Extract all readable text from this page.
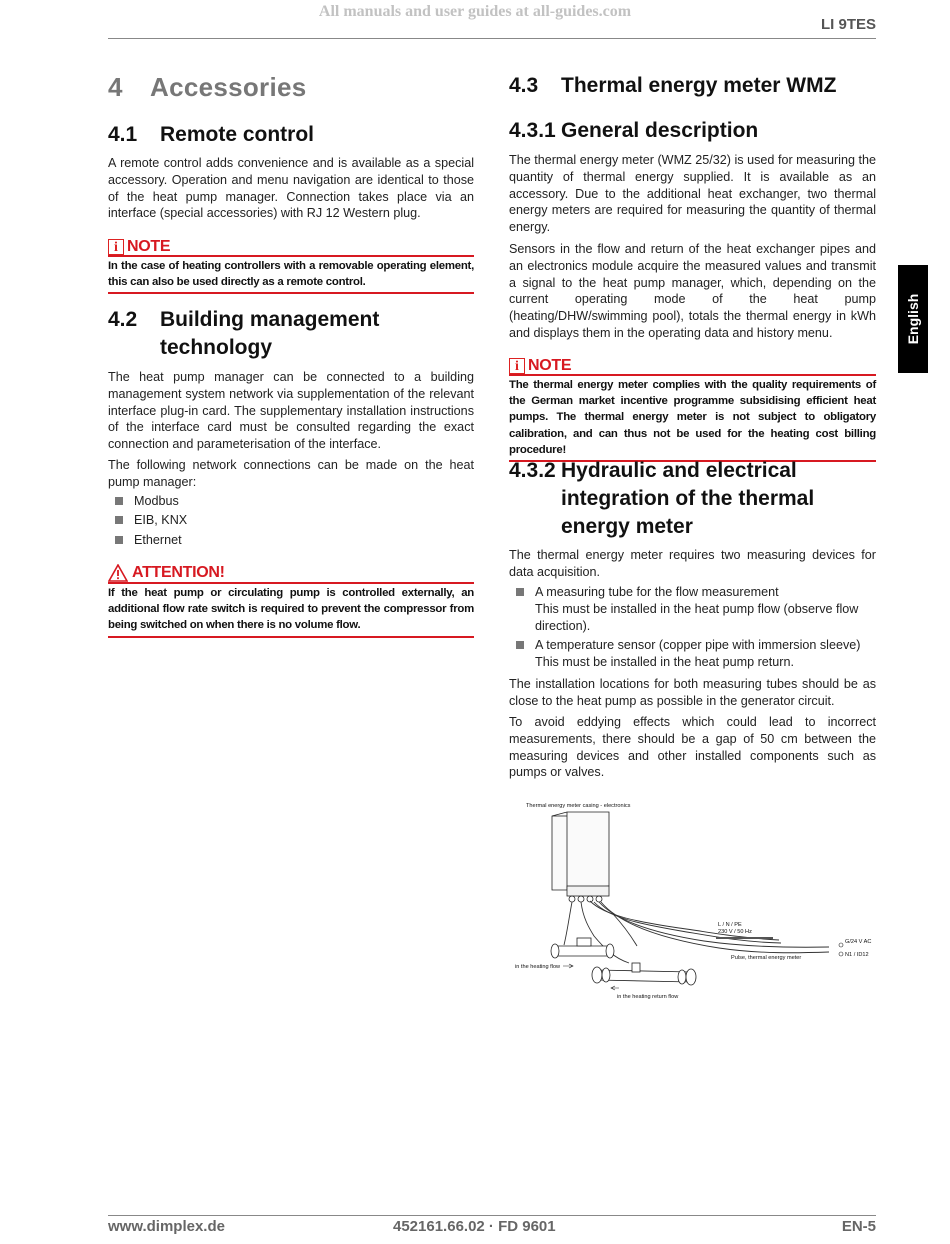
All manuals and user guides at all-guides.com
LI 9TES
English
4 Accessories
4.1	Remote control

A remote control adds convenience and is available as a special accessory. Operation and menu navigation are identical to those of the heat pump manager. Connection takes place via an interface (special accessories) with RJ 12 Western plug.

i NOTE

In the case of heating controllers with a removable operating element, this can also be used directly as a remote control.

4.2	Building management
technology

The heat pump manager can be connected to a building management system network via supplementation of the relevant interface plug-in card. The supplementary installation instructions of the interface card must be consulted regarding the exact connection and parameterisation of the interface.

The following network connections can be made on the heat pump manager:

Modbus
EIB, KNX
Ethernet
ATTENTION!

If the heat pump or circulating pump is controlled externally, an additional flow rate switch is required to prevent the compressor from being switched on when there is no volume flow.

4.3	Thermal energy meter WMZ
4.3.1 General description

The thermal energy meter (WMZ 25/32) is used for measuring the quantity of thermal energy supplied. It is available as an accessory. Due to the additional heat exchanger, two thermal energy meters are required for measuring the quantity of thermal energy.

Sensors in the flow and return of the heat exchanger pipes and an electronics module acquire the measured values and transmit a signal to the heat pump manager, which, depending on the current operating mode of the heat pump (heating/DHW/swimming pool), totals the thermal energy in kWh and displays them in the operating data and history menu.

i NOTE

The thermal energy meter complies with the quality requirements of the German market incentive programme subsidising efficient heat pumps. The thermal energy meter is not subject to obligatory calibration, and can thus not be used for the heating cost billing procedure!

4.3.2 Hydraulic and electrical
integration of the thermal
energy meter

The thermal energy meter requires two measuring devices for data acquisition.

A measuring tube for the flow measurement
This must be installed in the heat pump flow (observe flow direction).
A temperature sensor (copper pipe with immersion sleeve)
This must be installed in the heat pump return.

The installation locations for both measuring tubes should be as close to the heat pump as possible in the generator circuit.

To avoid eddying effects which could lead to incorrect measurements, there should be a gap of 50 cm between the measuring devices and other installed components such as pumps or valves.

Thermal energy meter casing - electronics
L / N / PE
230 V / 50 Hz
G/24 V AC
N1 / ID12
Pulse, thermal energy meter
in the heating flow
in the heating return flow
www.dimplex.de	452161.66.02 · FD 9601	EN-5
